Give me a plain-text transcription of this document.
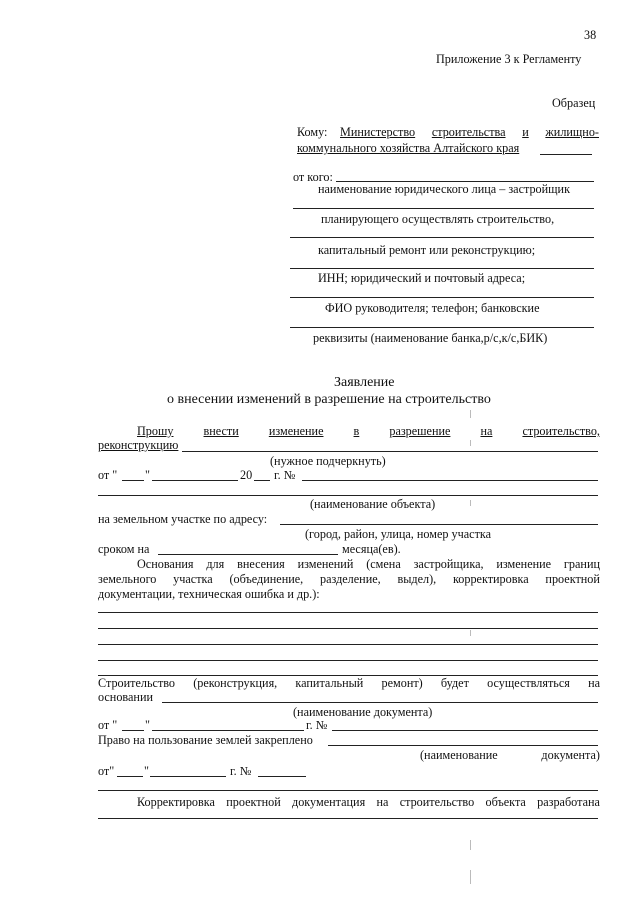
38
Приложение 3 к Регламенту
Образец
Кому: Министерство строительства и жилищно-
коммунального хозяйства Алтайского края
от кого:
наименование юридического лица – застройщик
планирующего осуществлять строительство,
капитальный ремонт или реконструкцию;
ИНН; юридический и почтовый адреса;
ФИО руководителя; телефон; банковские
реквизиты (наименование банка,р/с,к/с,БИК)
Заявление
о внесении изменений в разрешение на строительство
Прошу внести изменение в разрешение на строительство,
реконструкцию
(нужное подчеркнуть)
от " "	20 г. №
(наименование объекта)
на земельном участке по адресу:
(город, район, улица, номер участка
сроком на	месяца(ев).
Основания для внесения изменений (смена застройщика, изменение границ
земельного участка (объединение, разделение, выдел), корректировка проектной
документации, техническая ошибка и др.):
Строительство (реконструкция, капитальный ремонт) будет осуществляться на
основании
(наименование документа)
от " "	г. №
Право на пользование землей закреплено
(наименование	документа)
от" "	г. №
Корректировка проектной документация на строительство объекта разработана
